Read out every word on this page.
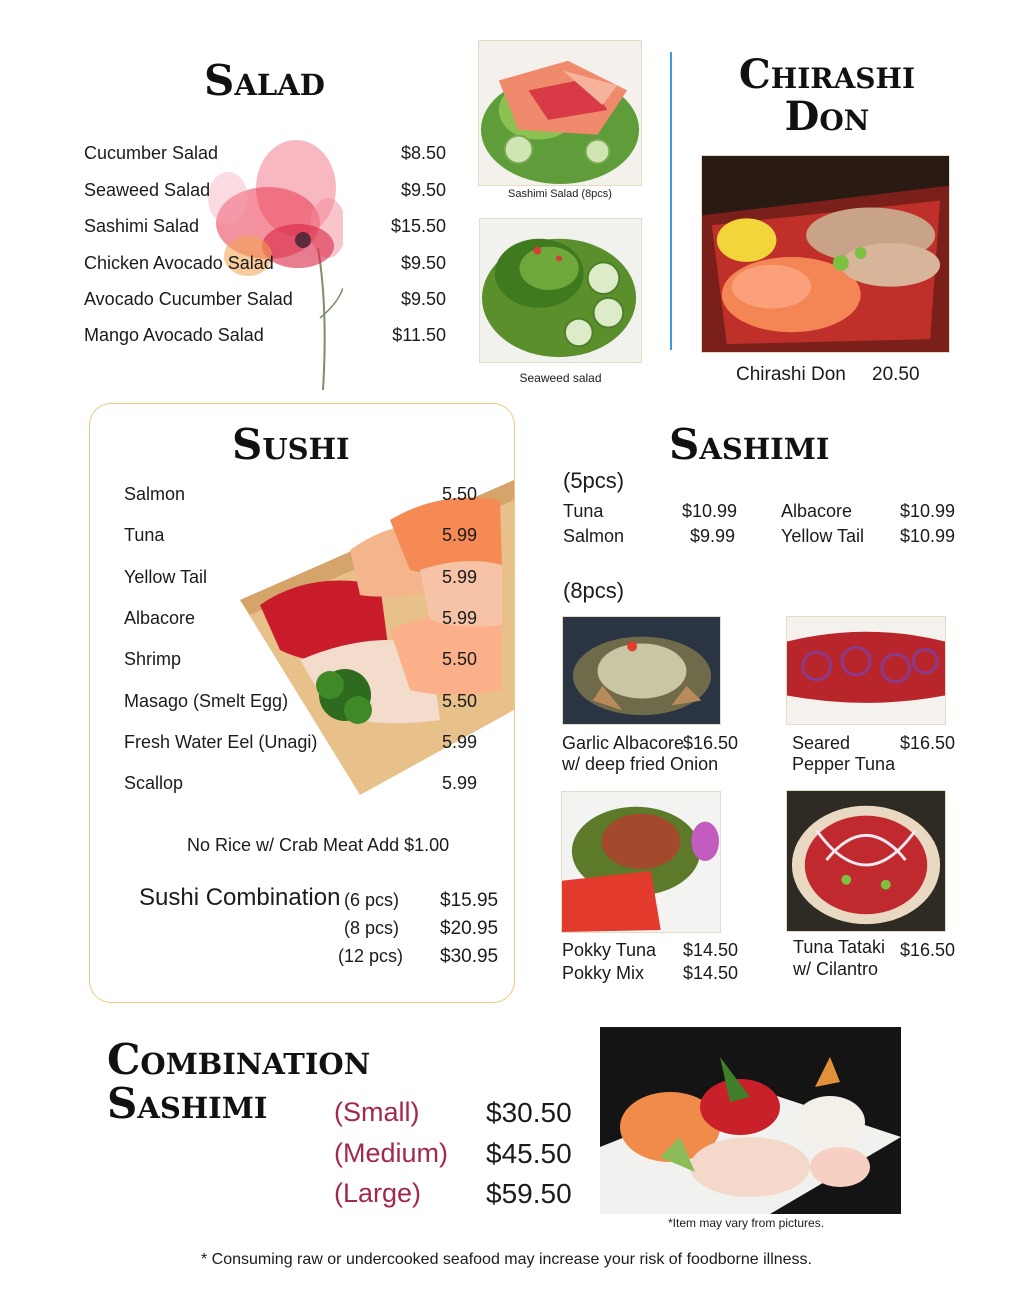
Salad
Cucumber Salad	$8.50
Seaweed Salad	$9.50
Sashimi Salad	$15.50
Chicken Avocado Salad	$9.50
Avocado Cucumber Salad	$9.50
Mango Avocado Salad	$11.50
Sashimi Salad (8pcs)
Seaweed salad
Chirashi
Don
Chirashi Don 20.50
Sushi
Salmon	5.50
Tuna	5.99
Yellow Tail	5.99
Albacore	5.99
Shrimp	5.50
Masago (Smelt Egg)	5.50
Fresh Water Eel (Unagi)	5.99
Scallop	5.99
No Rice w/ Crab Meat Add $1.00
Sushi Combination (6 pcs) $15.95
(8 pcs) $20.95
(12 pcs) $30.95
Sashimi
(5pcs)
Tuna	$10.99
Salmon	$9.99
Albacore	$10.99
Yellow Tail $10.99
(8pcs)
Garlic Albacore
$16.50
w/ deep fried Onion
Seared	$16.50
Pepper Tuna
Pokky Tuna $14.50
Pokky Mix $14.50
Tuna Tataki $16.50
w/ Cilantro
Combination
Sashimi	(Small) $30.50
(Medium) $45.50
(Large) $59.50
*Item may vary from pictures.
* Consuming raw or undercooked seafood may increase your risk of foodborne illness.
